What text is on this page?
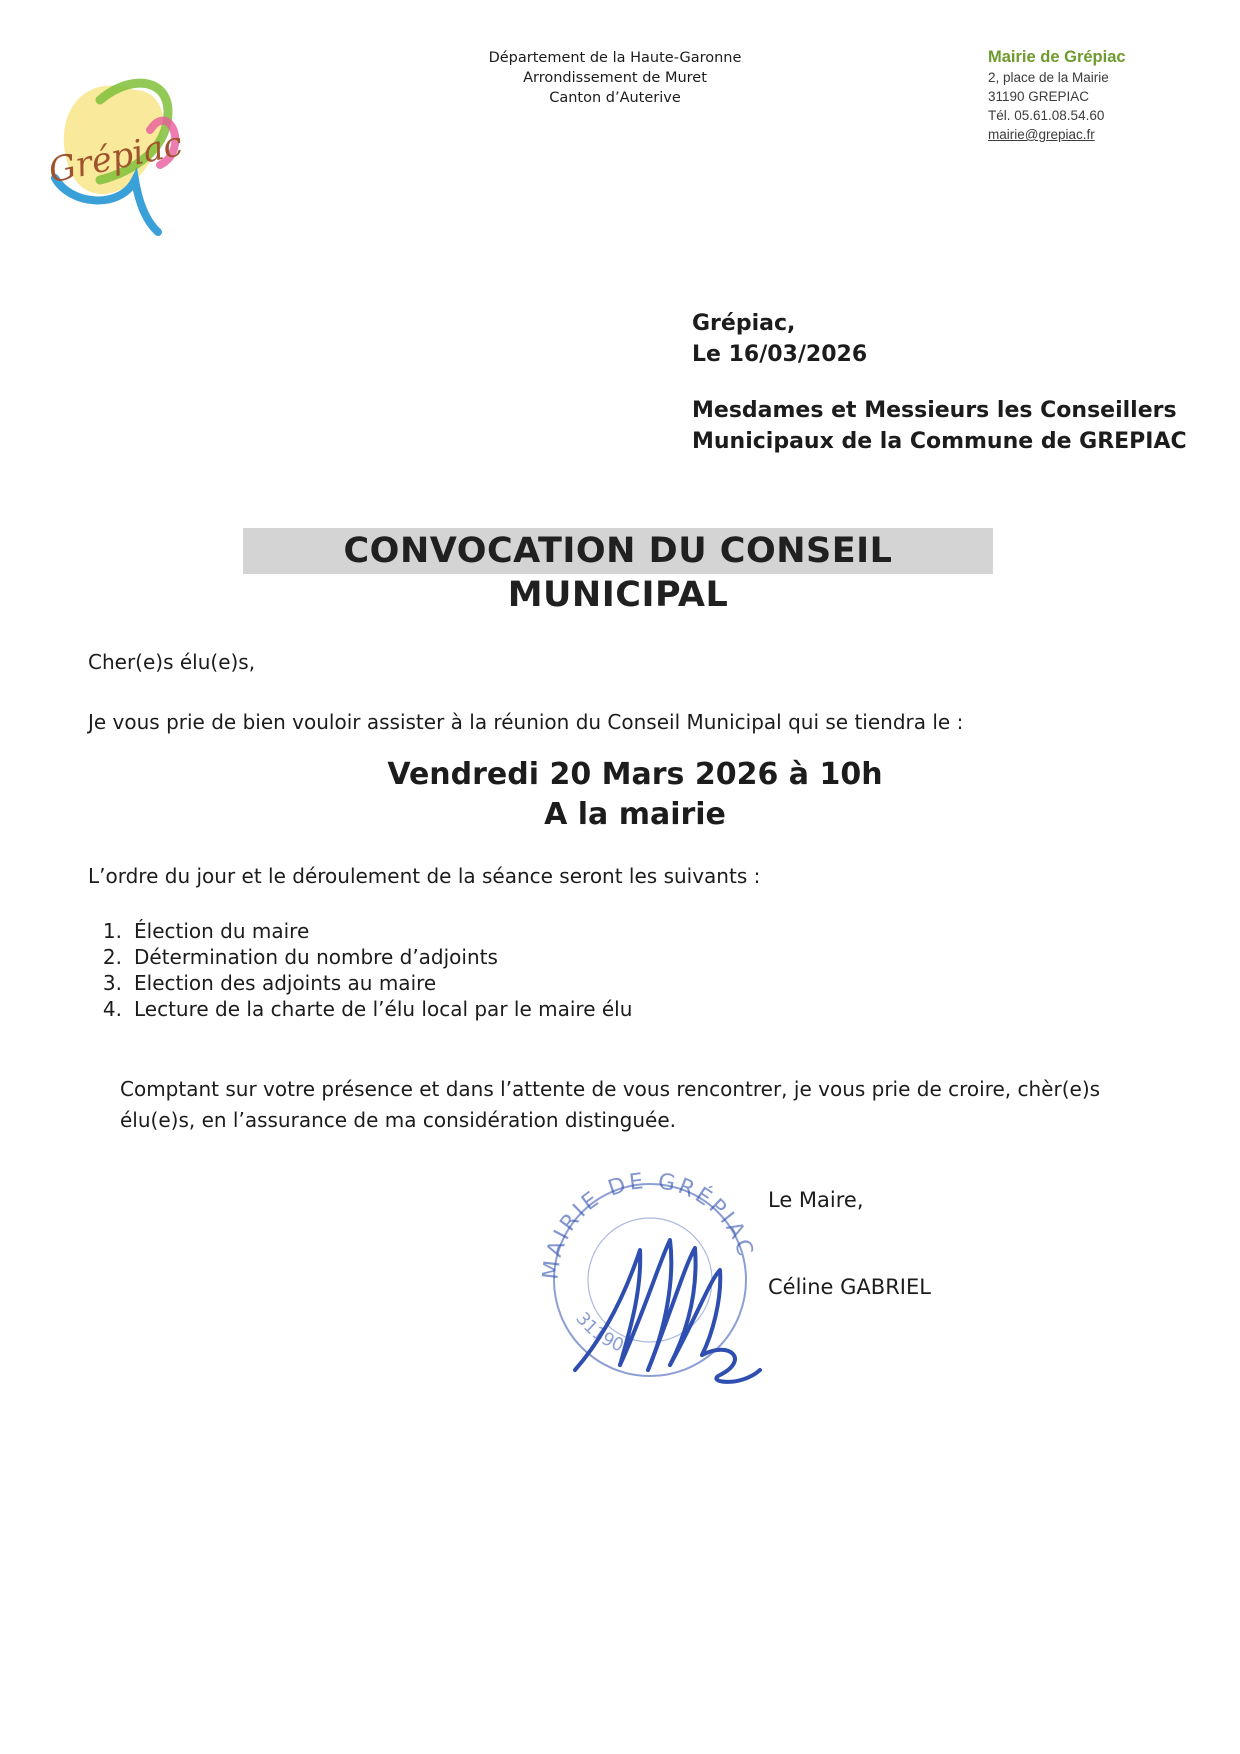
Grépiac
Département de la Haute-Garonne
Arrondissement de Muret
Canton d’Auterive
Mairie de Grépiac
2, place de la Mairie
31190 GREPIAC
Tél. 05.61.08.54.60
mairie@grepiac.fr
Grépiac,
Le 16/03/2026
Mesdames et Messieurs les Conseillers
Municipaux de la Commune de GREPIAC
CONVOCATION DU CONSEIL MUNICIPAL
Cher(e)s élu(e)s,
Je vous prie de bien vouloir assister à la réunion du Conseil Municipal qui se tiendra le :
Vendredi 20 Mars 2026 à 10h
A la mairie
L’ordre du jour et le déroulement de la séance seront les suivants :
1. Élection du maire
2. Détermination du nombre d’adjoints
3. Election des adjoints au maire
4. Lecture de la charte de l’élu local par le maire élu
Comptant sur votre présence et dans l’attente de vous rencontrer, je vous prie de croire, chèr(e)s élu(e)s, en l’assurance de ma considération distinguée.
MAIRIE DE GRÉPIAC
31190
Le Maire,
Céline GABRIEL
